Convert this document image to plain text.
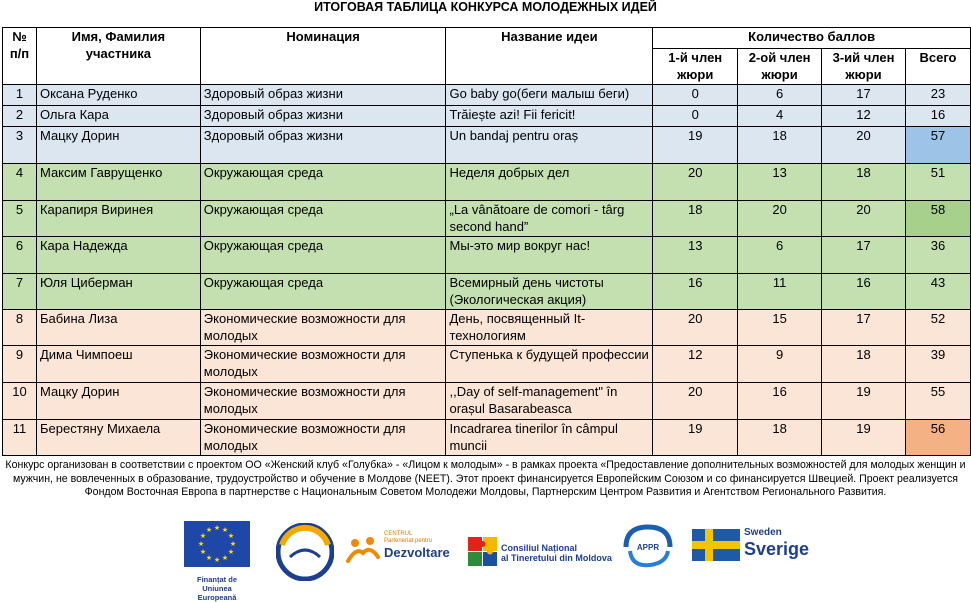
ИТОГОВАЯ ТАБЛИЦА КОНКУРСА МОЛОДЕЖНЫХ ИДЕЙ
№ п/п	Имя, Фамилия участника	Номинация	Название идеи	Количество баллов			
				1-й член жюри	2-ой член жюри	3-ий член жюри	Всего
1	Оксана Руденко	Здоровый образ жизни	Go baby go(беги малыш беги)	0	6	17	23
2	Ольга Кара	Здоровый образ жизни	Trăiește azi! Fii fericit!	0	4	12	16
3	Мацку Дорин	Здоровый образ жизни	Un bandaj pentru oraș	19	18	20	57
4	Максим Гаврущенко	Окружающая среда	Неделя добрых дел	20	13	18	51
5	Карапиря Виринея	Окружающая среда	„La vânătoare de comori - târg second hand”	18	20	20	58
6	Кара Надежда	Окружающая среда	Мы-это мир вокруг нас!	13	6	17	36
7	Юля Циберман	Окружающая среда	Всемирный день чистоты (Экологическая акция)	16	11	16	43
8	Бабина Лиза	Экономические возможности для молодых	День, посвященный It-технологиям	20	15	17	52
9	Дима Чимпоеш	Экономические возможности для молодых	Ступенька к будущей профессии	12	9	18	39
10	Мацку Дорин	Экономические возможности для молодых	,,Day of self-management" în orașul Basarabeasca	20	16	19	55
11	Берестяну Михаела	Экономические возможности для молодых	Incadrarea tinerilor în câmpul muncii	19	18	19	56
Конкурс организован в соответствии с проектом ОО «Женский клуб «Голубка» - «Лицом к молодым» - в рамках проекта «Предоставление дополнительных возможностей для молодых женщин и мужчин, не вовлеченных в образование, трудоустройство и обучение в Молдове (NEET). Этот проект финансируется Европейским Союзом и со финансируется Швецией. Проект реализуется Фондом Восточная Европа в партнерстве с Национальным Советом Молодежи Молдовы, Партнерским Центром Развития и Агентством Регионального Развития.
★ ★
★
★
★
★
★
★
★
★
★
★
Finanțat de
Uniunea Europeană
CENTRUL
Parteneriat pentru
Dezvoltare	Consiliul Național
al Tineretului din Moldova
APPR
Sweden
Sverige
